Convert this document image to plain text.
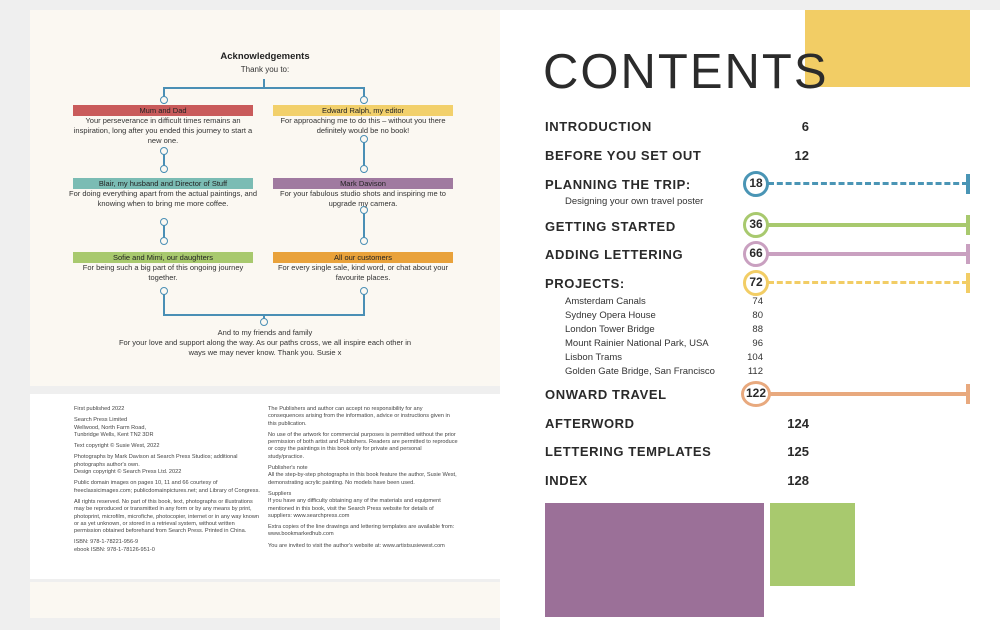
Acknowledgements
Thank you to:
Mum and Dad
Your perseverance in difficult times remains an inspiration, long after you ended this journey to start a new one.
Edward Ralph, my editor
For approaching me to do this – without you there definitely would be no book!
Blair, my husband and Director of Stuff
For doing everything apart from the actual paintings, and knowing when to bring me more coffee.
Mark Davison
For your fabulous studio shots and inspiring me to upgrade my camera.
Sofie and Mimi, our daughters
For being such a big part of this ongoing journey together.
All our customers
For every single sale, kind word, or chat about your favourite places.
And to my friends and family
For your love and support along the way. As our paths cross, we all inspire each other in ways we may never know. Thank you. Susie x

First published 2022

Search Press Limited
Wellwood, North Farm Road,
Tunbridge Wells, Kent TN2 3DR

Text copyright © Susie West, 2022

Photographs by Mark Davison at Search Press Studios; additional photographs author's own.
Design copyright © Search Press Ltd. 2022

Public domain images on pages 10, 11 and 66 courtesy of freeclassicimages.com; publicdomainpictures.net; and Library of Congress.

All rights reserved. No part of this book, text, photographs or illustrations may be reproduced or transmitted in any form or by any means by print, photoprint, microfilm, microfiche, photocopier, internet or in any way known or as yet unknown, or stored in a retrieval system, without written permission obtained beforehand from Search Press. Printed in China.

ISBN: 978-1-78221-956-9
ebook ISBN: 978-1-78126-951-0

The Publishers and author can accept no responsibility for any consequences arising from the information, advice or instructions given in this publication.

No use of the artwork for commercial purposes is permitted without the prior permission of both artist and Publishers. Readers are permitted to reproduce or copy the paintings in this book only for private and personal study/practice.

Publisher's note
All the step-by-step photographs in this book feature the author, Susie West, demonstrating acrylic painting. No models have been used.

Suppliers
If you have any difficulty obtaining any of the materials and equipment mentioned in this book, visit the Search Press website for details of suppliers: www.searchpress.com

Extra copies of the line drawings and lettering templates are available from: www.bookmarkedhub.com

You are invited to visit the author's website at: www.artistsusiewest.com

CONTENTS
INTRODUCTION	6
BEFORE YOU SET OUT	12
PLANNING THE TRIP:	18
Designing your own travel poster
GETTING STARTED	36
ADDING LETTERING	66
PROJECTS:	72
Amsterdam Canals	74
Sydney Opera House	80
London Tower Bridge	88
Mount Rainier National Park, USA	96
Lisbon Trams	104
Golden Gate Bridge, San Francisco	112
ONWARD TRAVEL	122
AFTERWORD	124
LETTERING TEMPLATES	125
INDEX	128
